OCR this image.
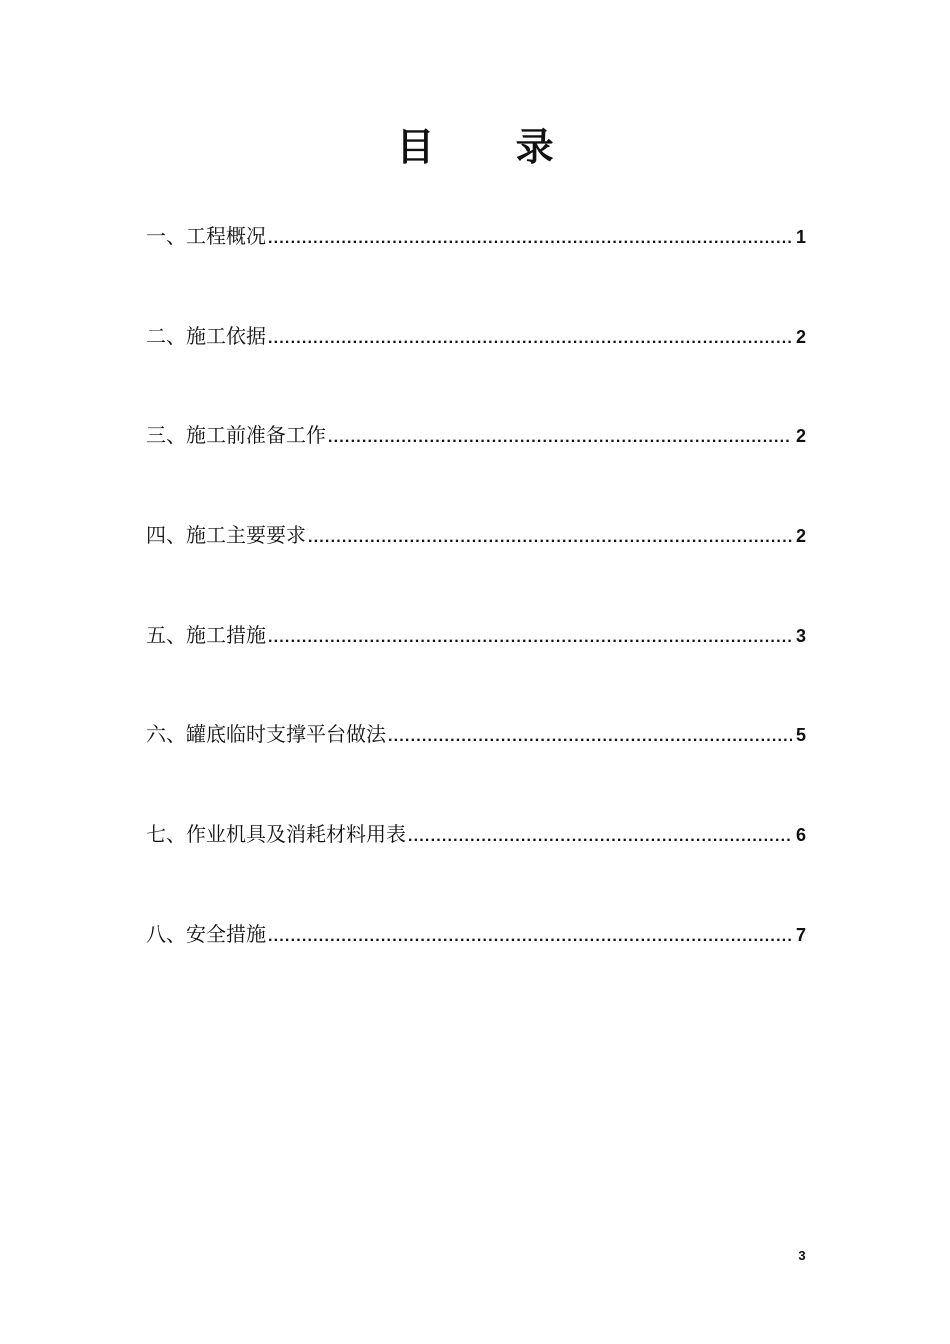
目 录
一、工程概况 .....	1
二、施工依据 .....	2
三、施工前准备工作 .....	2
四、施工主要要求 .....	2
五、施工措施 .....	3
六、罐底临时支撑平台做法 .....	5
七、作业机具及消耗材料用表 .....	6
八、安全措施 .....	7
3
